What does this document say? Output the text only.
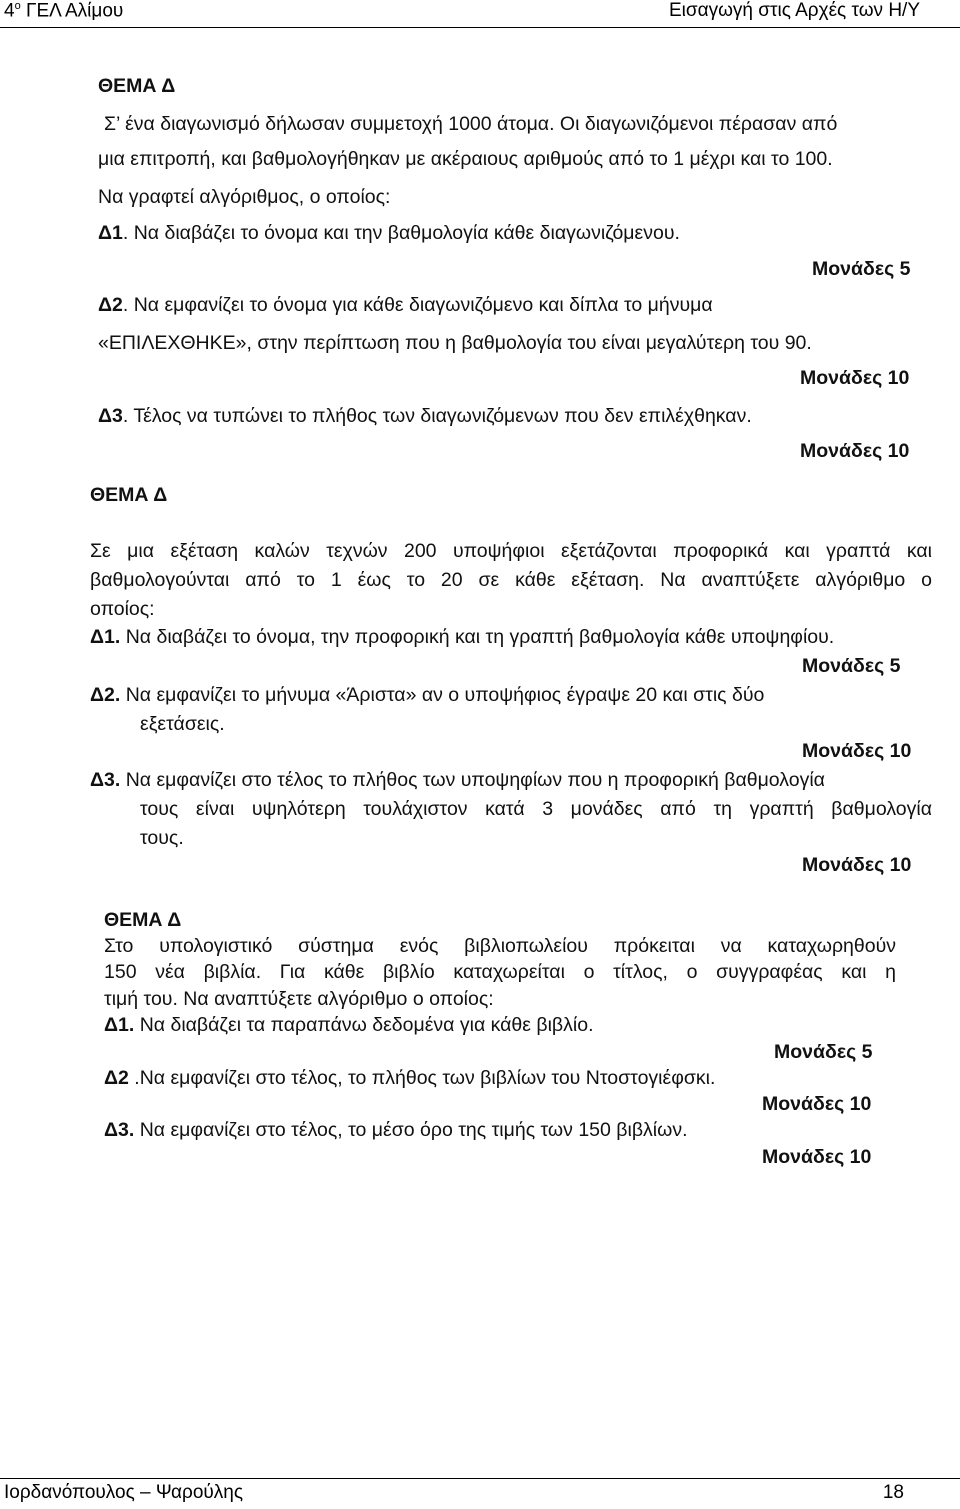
$4^o$ ΓΕΛ Αλίμου	Εισαγωγή στις Αρχές των Η/Υ
ΘΕΜΑ Δ
Σ’ ένα διαγωνισμό δήλωσαν συμμετοχή 1000 άτομα. Οι διαγωνιζόμενοι πέρασαν από
μια επιτροπή, και βαθμολογήθηκαν με ακέραιους αριθμούς από το 1 μέχρι και το 100.
Να γραφτεί αλγόριθμος, ο οποίος:
Δ1. Να διαβάζει το όνομα και την βαθμολογία κάθε διαγωνιζόμενου.
Μονάδες 5
Δ2. Να εμφανίζει το όνομα για κάθε διαγωνιζόμενο και δίπλα το μήνυμα
«ΕΠΙΛΕΧΘΗΚΕ», στην περίπτωση που η βαθμολογία του είναι μεγαλύτερη του 90.
Μονάδες 10
Δ3. Τέλος να τυπώνει το πλήθος των διαγωνιζόμενων που δεν επιλέχθηκαν.
Μονάδες 10
ΘΕΜΑ Δ
Σε μια εξέταση καλών τεχνών 200 υποψήφιοι εξετάζονται προφορικά και γραπτά και
βαθμολογούνται από το 1 έως το 20 σε κάθε εξέταση. Να αναπτύξετε αλγόριθμο ο
οποίος:
Δ1. Να διαβάζει το όνομα, την προφορική και τη γραπτή βαθμολογία κάθε υποψηφίου.
Μονάδες 5
Δ2. Να εμφανίζει το μήνυμα «Άριστα» αν ο υποψήφιος έγραψε 20 και στις δύο
εξετάσεις.
Μονάδες 10
Δ3. Να εμφανίζει στο τέλος το πλήθος των υποψηφίων που η προφορική βαθμολογία
τους είναι υψηλότερη τουλάχιστον κατά 3 μονάδες από τη γραπτή βαθμολογία
τους.
Μονάδες 10
ΘΕΜΑ Δ
Στο υπολογιστικό σύστημα ενός βιβλιοπωλείου πρόκειται να καταχωρηθούν
150 νέα βιβλία. Για κάθε βιβλίο καταχωρείται ο τίτλος, ο συγγραφέας και η
τιμή του. Να αναπτύξετε αλγόριθμο ο οποίος:
Δ1. Να διαβάζει τα παραπάνω δεδομένα για κάθε βιβλίο.
Μονάδες 5
Δ2 .Να εμφανίζει στο τέλος, το πλήθος των βιβλίων του Ντοστογιέφσκι.
Μονάδες 10
Δ3. Να εμφανίζει στο τέλος, το μέσο όρο της τιμής των 150 βιβλίων.
Μονάδες 10
Ιορδανόπουλος – Ψαρούλης	18
